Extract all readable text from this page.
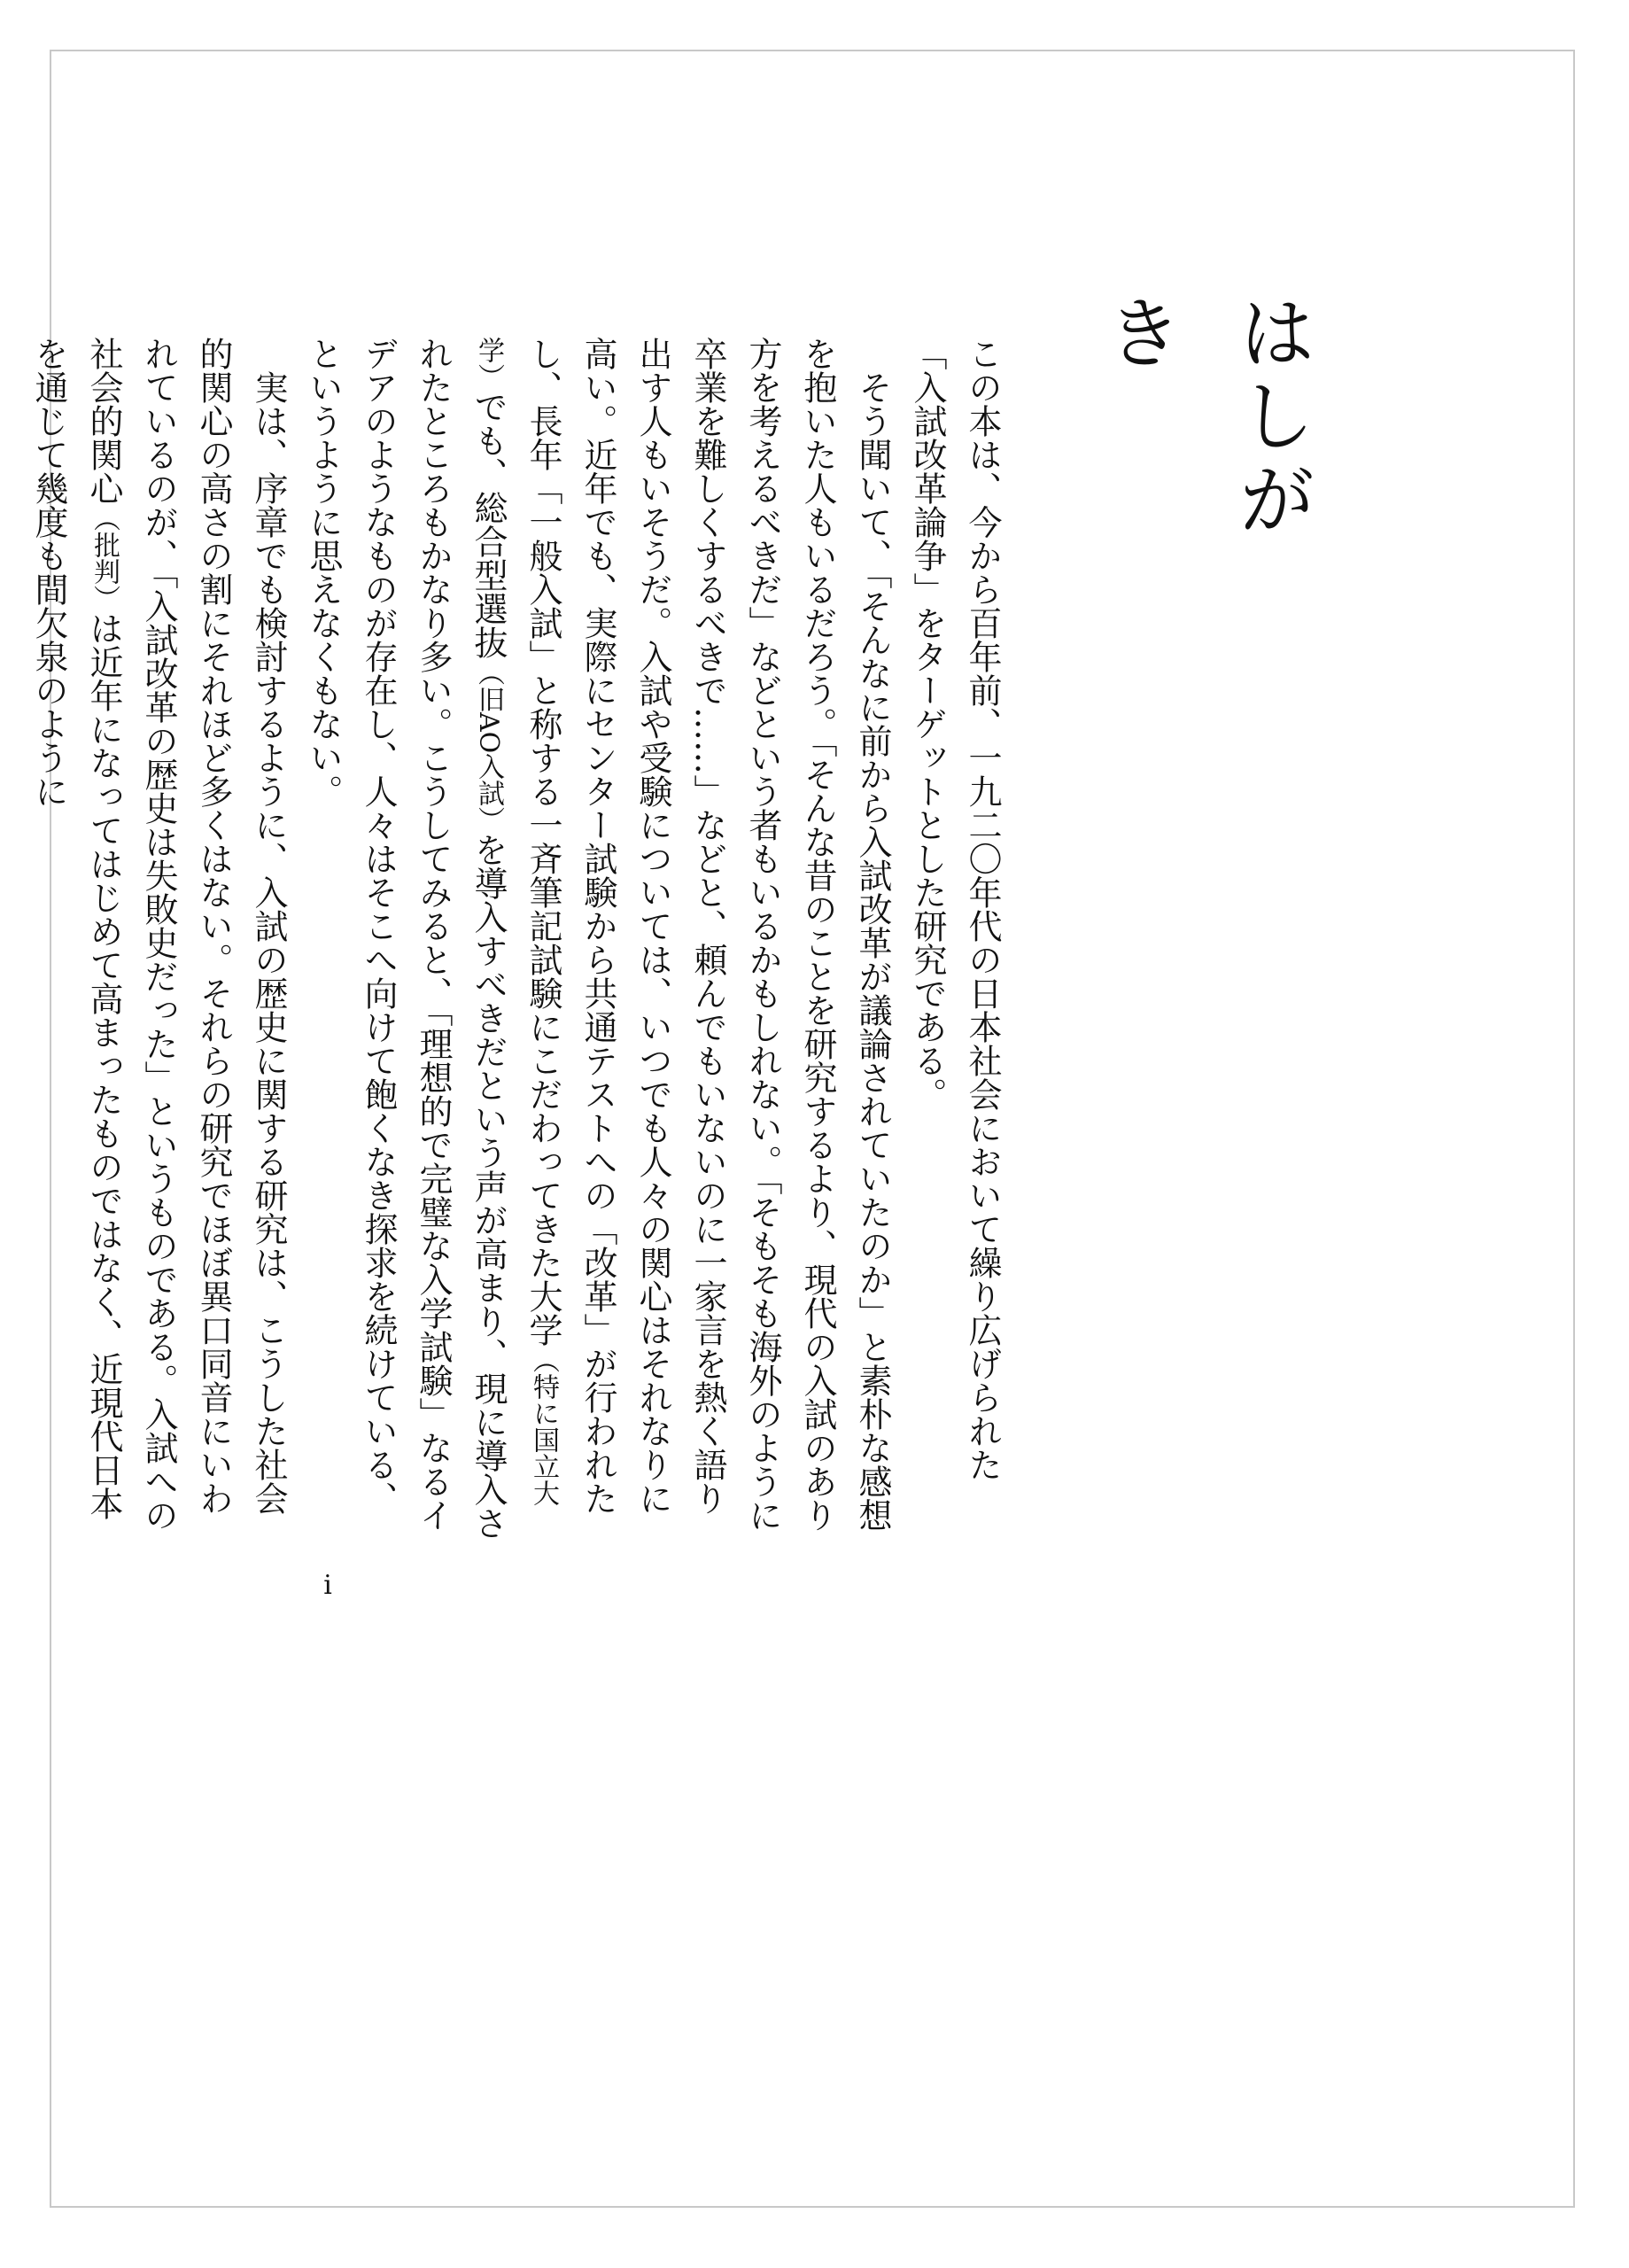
はしがき

この本は、今から百年前、一九二〇年代の日本社会において繰り広げられた「入試改革論争」をターゲットとした研究である。

そう聞いて、「そんなに前から入試改革が議論されていたのか」と素朴な感想を抱いた人もいるだろう。「そんな昔のことを研究するより、現代の入試のあり方を考えるべきだ」などという者もいるかもしれない。「そもそも海外のように卒業を難しくするべきで……」などと、頼んでもいないのに一家言を熱く語り出す人もいそうだ。入試や受験については、いつでも人々の関心はそれなりに高い。近年でも、実際にセンター試験から共通テストへの「改革」が行われたし、長年「一般入試」と称する一斉筆記試験にこだわってきた大学（特に国立大学）でも、総合型選抜（旧AO入試）を導入すべきだという声が高まり、現に導入されたところもかなり多い。こうしてみると、「理想的で完璧な入学試験」なるイデアのようなものが存在し、人々はそこへ向けて飽くなき探求を続けている、というように思えなくもない。

実は、序章でも検討するように、入試の歴史に関する研究は、こうした社会的関心の高さの割にそれほど多くはない。それらの研究でほぼ異口同音にいわれているのが、「入試改革の歴史は失敗史だった」というものである。入試への社会的関心（批判）は近年になってはじめて高まったものではなく、近現代日本を通じて幾度も間欠泉のように

i
